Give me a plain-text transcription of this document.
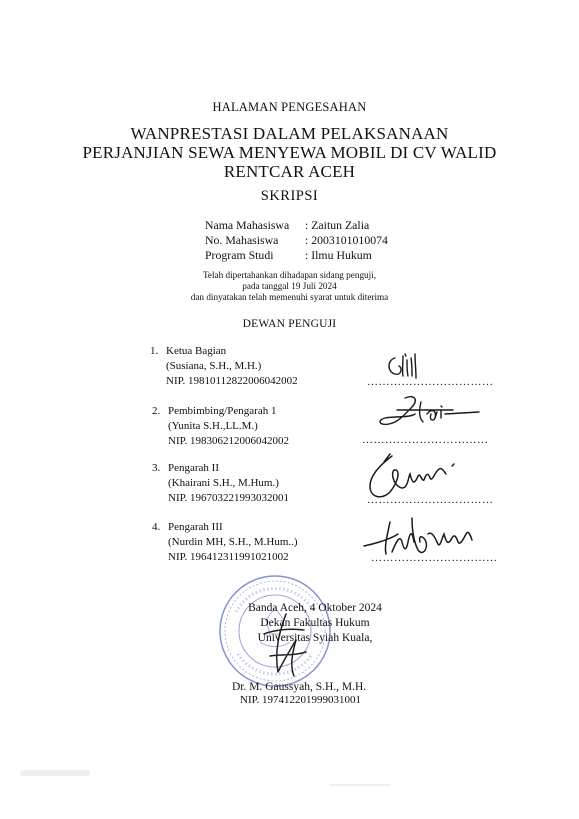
HALAMAN PENGESAHAN
WANPRESTASI DALAM PELAKSANAAN
PERJANJIAN SEWA MENYEWA MOBIL DI CV WALID
RENTCAR ACEH
SKRIPSI
Nama Mahasiswa	: Zaitun Zalia
No. Mahasiswa	: 2003101010074
Program Studi	: Ilmu Hukum
Telah dipertahankan dihadapan sidang penguji,
pada tanggal 19 Juli 2024
dan dinyatakan telah memenuhi syarat untuk diterima
DEWAN PENGUJI
1. Ketua Bagian
(Susiana, S.H., M.H.)
NIP. 198101128220060420​02	……………………………
2. Pembimbing/Pengarah 1
(Yunita S.H.,LL.M.)
NIP. 198306212006042002	……………………………
3. Pengarah II
(Khairani S.H., M.Hum.)
NIP. 196703221993032001	……………………………
4. Pengarah III
(Nurdin MH, S.H., M.Hum..)
NIP. 196412311991021002	……………………………
Banda Aceh, 4 Oktober 2024
Dekan Fakultas Hukum
Universitas Syiah Kuala,
Dr. M. Gaussyah, S.H., M.H.
NIP. 197412201999031001
